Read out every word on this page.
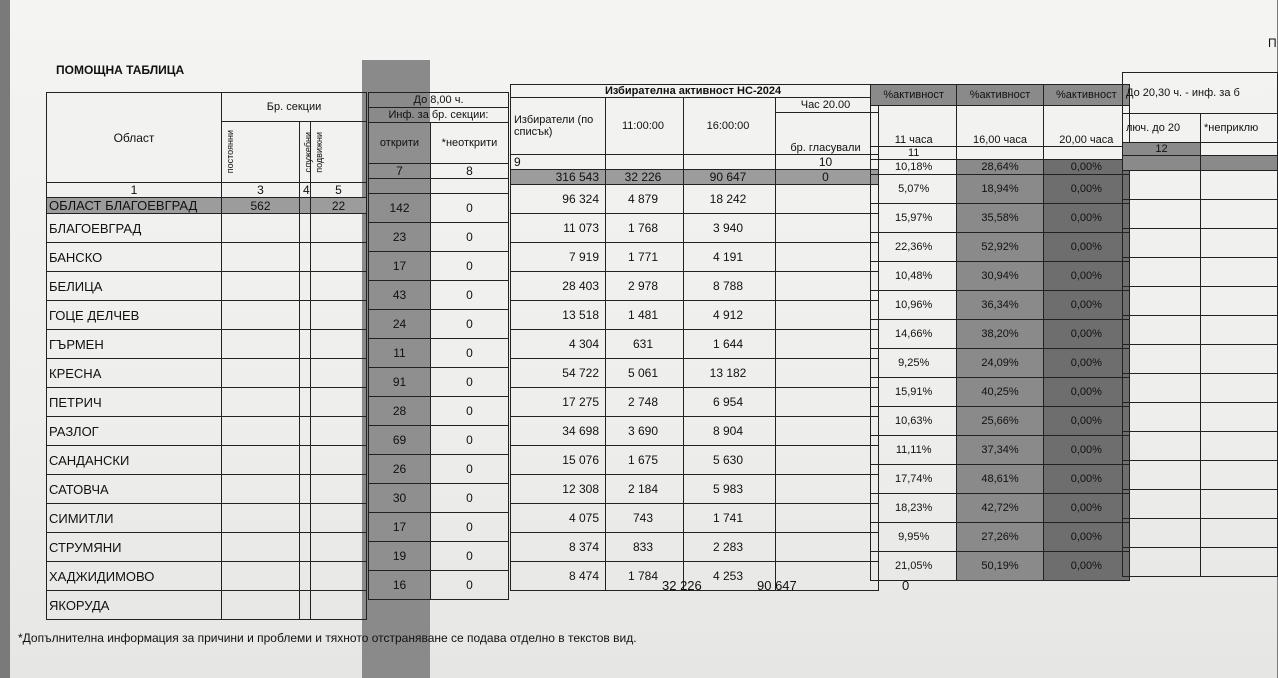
П
ПОМОЩНА ТАБЛИЦА
Област	Бр. секции		

	постоянни	служебни	подвижни

1	3	4	5
ОБЛАСТ БЛАГОЕВГРАД	562		22
БЛАГОЕВГРАД			
БАНСКО			
БЕЛИЦА			
ГОЦЕ ДЕЛЧЕВ			
ГЪРМЕН			
КРЕСНА			
ПЕТРИЧ			
РАЗЛОГ			
САНДАНСКИ			
САТОВЧА			
СИМИТЛИ			
СТРУМЯНИ			
ХАДЖИДИМОВО			
ЯКОРУДА			
До 8,00 ч.	
Инф. за бр. секции:	
открити	*неоткрити
7	8

142	0
23	0
17	0
43	0
24	0
11	0
91	0
28	0
69	0
26	0
30	0
17	0
19	0
16	0
Избирателна активност НС-2024			
Избиратели (по списък)	11:00:00	16:00:00	Час 20.00
			бр. гласували
9			10
316 543	32 226	90 647	0
96 324	4 879	18 242	
11 073	1 768	3 940	
7 919	1 771	4 191	
28 403	2 978	8 788	
13 518	1 481	4 912	
4 304	631	1 644	
54 722	5 061	13 182	
17 275	2 748	6 954	
34 698	3 690	8 904	
15 076	1 675	5 630	
12 308	2 184	5 983	
4 075	743	1 741	
8 374	833	2 283	
8 474	1 784	4 253	
%активност	%активност	%активност
11 часа	16,00 часа	20,00 часа
11		
10,18%	28,64%	0,00%
5,07%	18,94%	0,00%
15,97%	35,58%	0,00%
22,36%	52,92%	0,00%
10,48%	30,94%	0,00%
10,96%	36,34%	0,00%
14,66%	38,20%	0,00%
9,25%	24,09%	0,00%
15,91%	40,25%	0,00%
10,63%	25,66%	0,00%
11,11%	37,34%	0,00%
17,74%	48,61%	0,00%
18,23%	42,72%	0,00%
9,95%	27,26%	0,00%
21,05%	50,19%	0,00%
До 20,30 ч. - инф. за б	
люч. до 20	*неприклю
12	

32 226	90 647	0
*Допълнителна информация за причини и проблеми и тяхното отстраняване се подава отделно в текстов вид.
